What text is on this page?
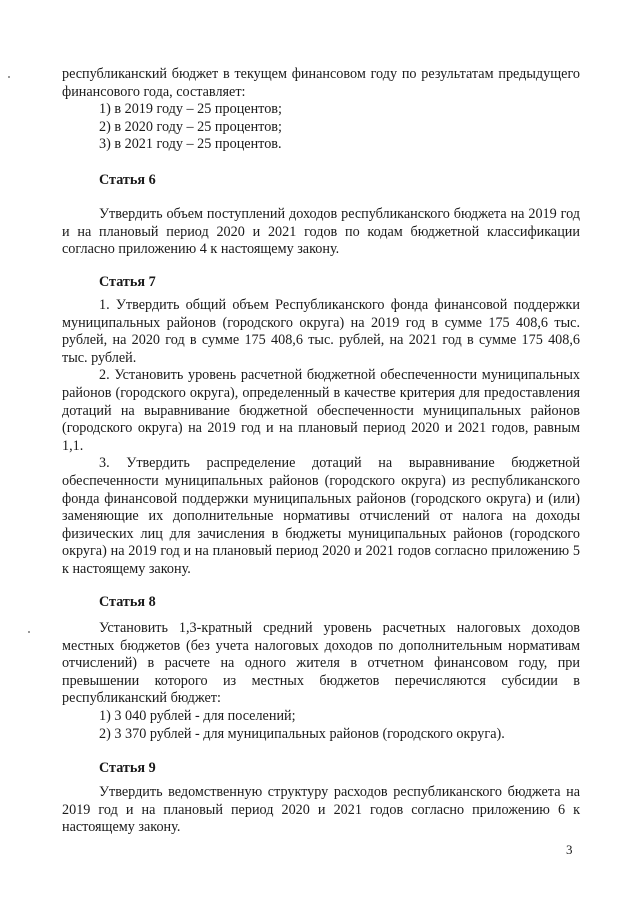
республиканский бюджет в текущем финансовом году по результатам предыдущего финансового года, составляет:

1) в 2019 году – 25 процентов;

2) в 2020 году – 25 процентов;

3) в 2021 году – 25 процентов.

Статья 6

Утвердить объем поступлений доходов республиканского бюджета на 2019 год и на плановый период 2020 и 2021 годов по кодам бюджетной классификации согласно приложению 4 к настоящему закону.

Статья 7

1. Утвердить общий объем Республиканского фонда финансовой поддержки муниципальных районов (городского округа) на 2019 год в сумме 175 408,6 тыс. рублей, на 2020 год в сумме 175 408,6 тыс. рублей, на 2021 год в сумме 175 408,6 тыс. рублей.

2. Установить уровень расчетной бюджетной обеспеченности муниципальных районов (городского округа), определенный в качестве критерия для предоставления дотаций на выравнивание бюджетной обеспеченности муниципальных районов (городского округа) на 2019 год и на плановый период 2020 и 2021 годов, равным 1,1.

3. Утвердить распределение дотаций на выравнивание бюджетной обеспеченности муниципальных районов (городского округа) из республиканского фонда финансовой поддержки муниципальных районов (городского округа) и (или) заменяющие их дополнительные нормативы отчислений от налога на доходы физических лиц для зачисления в бюджеты муниципальных районов (городского округа) на 2019 год и на плановый период 2020 и 2021 годов согласно приложению 5 к настоящему закону.

Статья 8

Установить 1,3-кратный средний уровень расчетных налоговых доходов местных бюджетов (без учета налоговых доходов по дополнительным нормативам отчислений) в расчете на одного жителя в отчетном финансовом году, при превышении которого из местных бюджетов перечисляются субсидии в республиканский бюджет:

1) 3 040 рублей - для поселений;

2) 3 370 рублей - для муниципальных районов (городского округа).

Статья 9

Утвердить ведомственную структуру расходов республиканского бюджета на 2019 год и на плановый период 2020 и 2021 годов согласно приложению 6 к настоящему закону.

3
